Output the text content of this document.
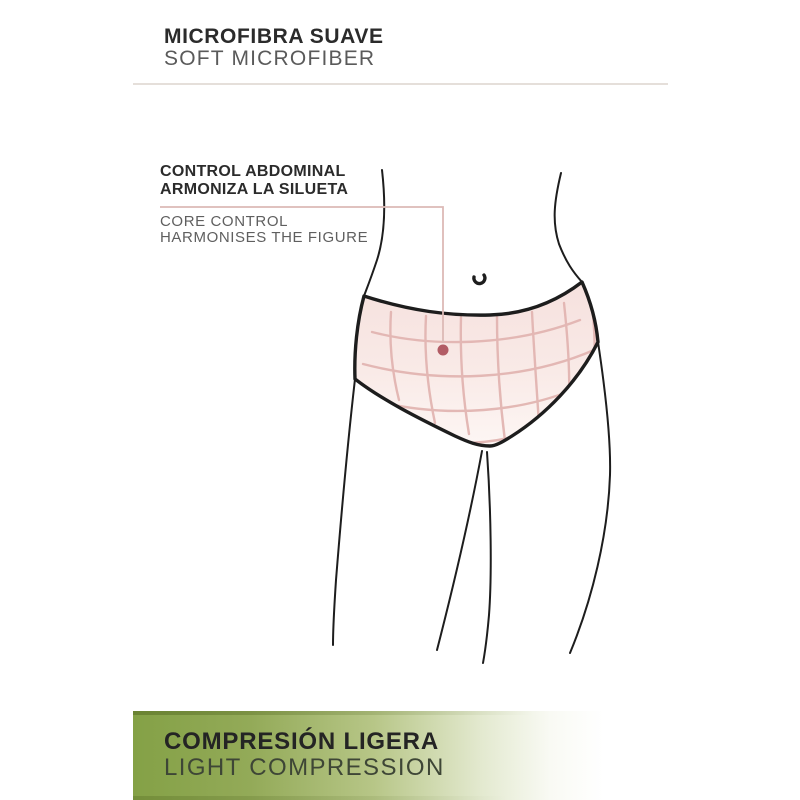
MICROFIBRA SUAVE
SOFT MICROFIBER
CONTROL ABDOMINAL
ARMONIZA LA SILUETA
CORE CONTROL
HARMONISES THE FIGURE
COMPRESIÓN LIGERA
LIGHT COMPRESSION
